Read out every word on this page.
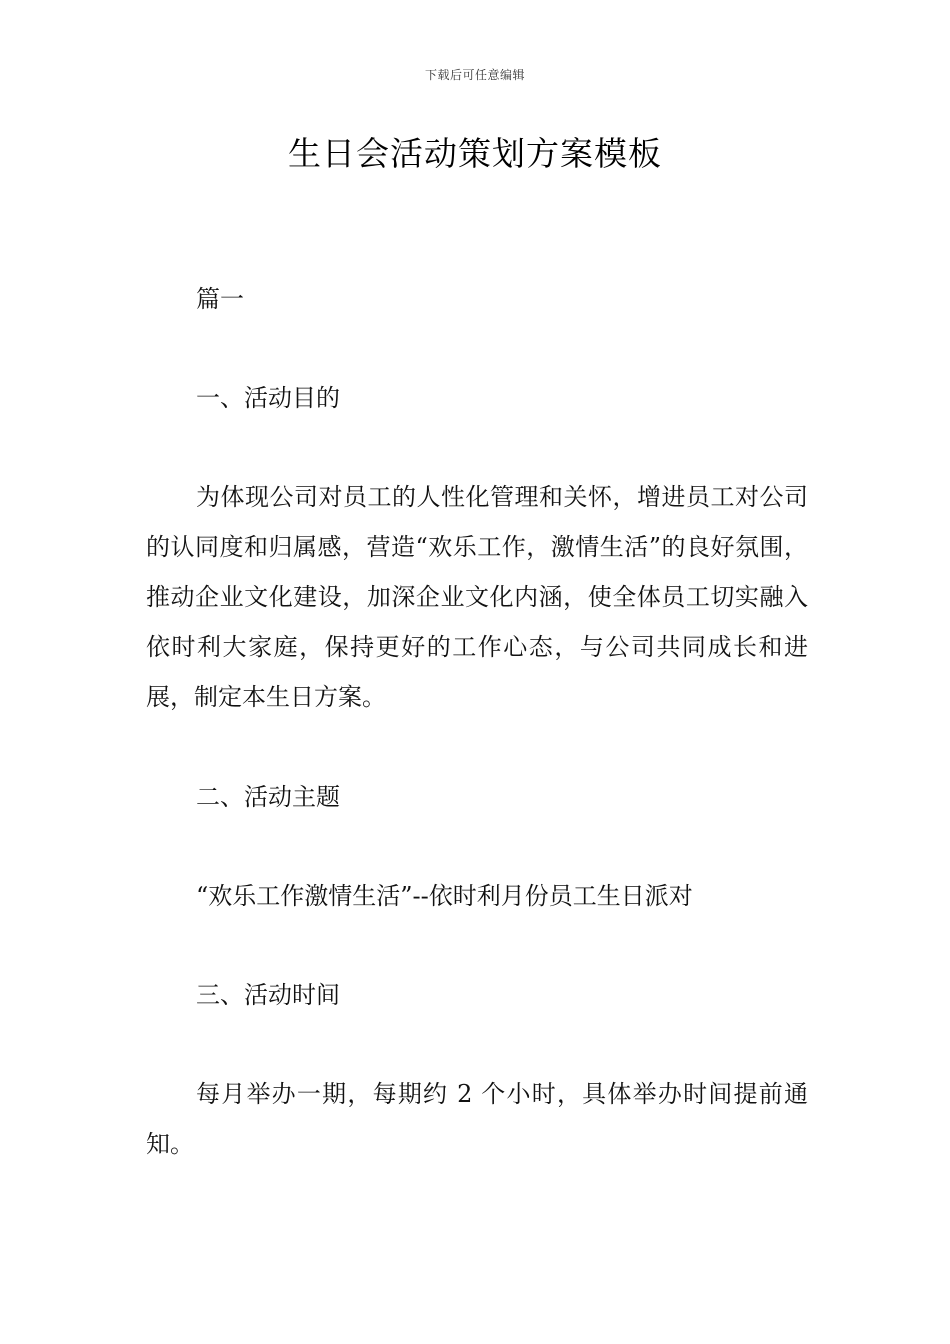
下载后可任意编辑
生日会活动策划方案模板
篇一
一、活动目的
为体现公司对员工的人性化管理和关怀，增进员工对公司的认同度和归属感，营造“欢乐工作，激情生活”的良好氛围，推动企业文化建设，加深企业文化内涵，使全体员工切实融入依时利大家庭，保持更好的工作心态，与公司共同成长和进展，制定本生日方案。
二、活动主题
“欢乐工作激情生活”--依时利月份员工生日派对
三、活动时间
每月举办一期，每期约 2 个小时，具体举办时间提前通知。
